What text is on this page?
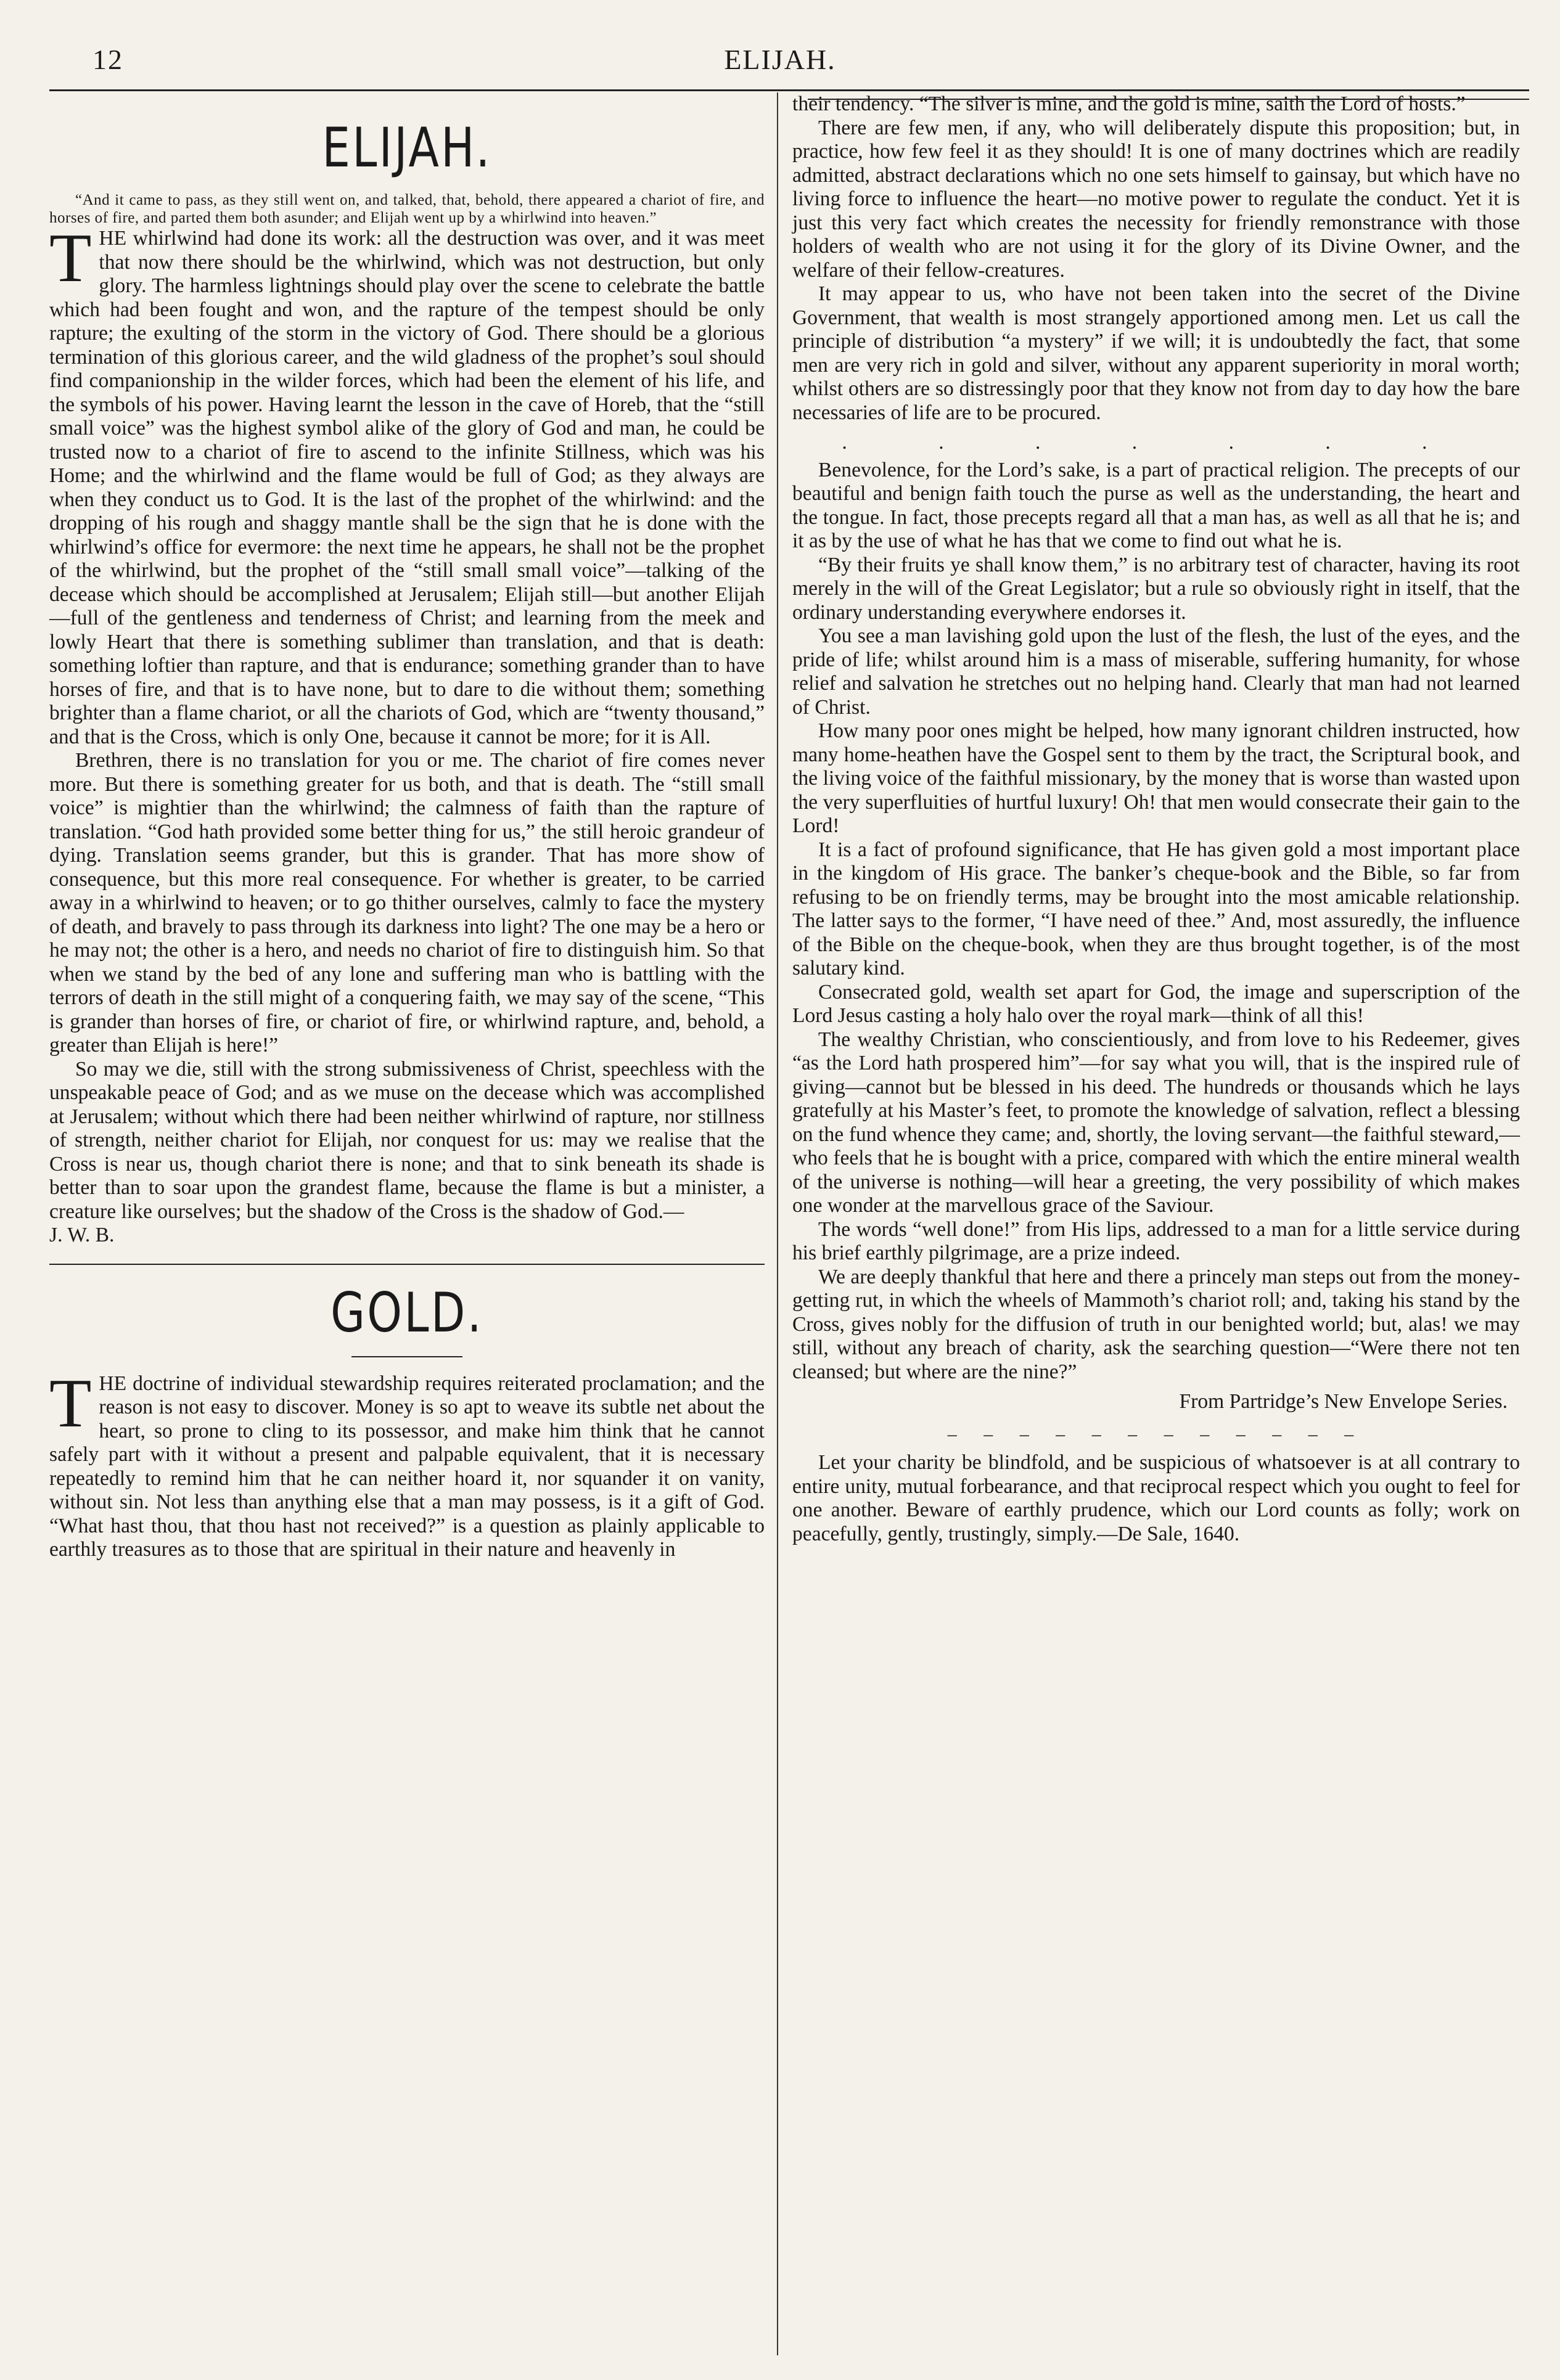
12	ELIJAH.
ELIJAH.

“And it came to pass, as they still went on, and talked, that, behold, there appeared a chariot of fire, and horses of fire, and parted them both asunder; and Elijah went up by a whirlwind into heaven.”

THE whirlwind had done its work: all the destruction was over, and it was meet that now there should be the whirlwind, which was not destruction, but only glory. The harmless lightnings should play over the scene to celebrate the battle which had been fought and won, and the rapture of the tempest should be only rapture; the exulting of the storm in the victory of God. There should be a glorious termination of this glorious career, and the wild gladness of the prophet’s soul should find companionship in the wilder forces, which had been the element of his life, and the symbols of his power. Having learnt the lesson in the cave of Horeb, that the “still small voice” was the highest symbol alike of the glory of God and man, he could be trusted now to a chariot of fire to ascend to the infinite Stillness, which was his Home; and the whirlwind and the flame would be full of God; as they always are when they conduct us to God. It is the last of the prophet of the whirlwind: and the dropping of his rough and shaggy mantle shall be the sign that he is done with the whirlwind’s office for evermore: the next time he appears, he shall not be the prophet of the whirlwind, but the prophet of the “still small small voice”—talking of the decease which should be accomplished at Jerusalem; Elijah still—but another Elijah—full of the gentleness and tenderness of Christ; and learning from the meek and lowly Heart that there is something sublimer than translation, and that is death: something loftier than rapture, and that is endurance; something grander than to have horses of fire, and that is to have none, but to dare to die without them; something brighter than a flame chariot, or all the chariots of God, which are “twenty thousand,” and that is the Cross, which is only One, because it cannot be more; for it is All.

Brethren, there is no translation for you or me. The chariot of fire comes never more. But there is something greater for us both, and that is death. The “still small voice” is mightier than the whirlwind; the calmness of faith than the rapture of translation. “God hath provided some better thing for us,” the still heroic grandeur of dying. Translation seems grander, but this is grander. That has more show of consequence, but this more real consequence. For whether is greater, to be carried away in a whirlwind to heaven; or to go thither ourselves, calmly to face the mystery of death, and bravely to pass through its darkness into light? The one may be a hero or he may not; the other is a hero, and needs no chariot of fire to distinguish him. So that when we stand by the bed of any lone and suffering man who is battling with the terrors of death in the still might of a conquering faith, we may say of the scene, “This is grander than horses of fire, or chariot of fire, or whirlwind rapture, and, behold, a greater than Elijah is here!”

So may we die, still with the strong submissiveness of Christ, speechless with the unspeakable peace of God; and as we muse on the decease which was accomplished at Jerusalem; without which there had been neither whirlwind of rapture, nor stillness of strength, neither chariot for Elijah, nor conquest for us: may we realise that the Cross is near us, though chariot there is none; and that to sink beneath its shade is better than to soar upon the grandest flame, because the flame is but a minister, a creature like ourselves; but the shadow of the Cross is the shadow of God.—

J. W. B.

GOLD.

THE doctrine of individual stewardship requires reiterated proclamation; and the reason is not easy to discover. Money is so apt to weave its subtle net about the heart, so prone to cling to its possessor, and make him think that he cannot safely part with it without a present and palpable equivalent, that it is necessary repeatedly to remind him that he can neither hoard it, nor squander it on vanity, without sin. Not less than anything else that a man may possess, is it a gift of God. “What hast thou, that thou hast not received?” is a question as plainly applicable to earthly treasures as to those that are spiritual in their nature and heavenly in

their tendency. “The silver is mine, and the gold is mine, saith the Lord of hosts.”

There are few men, if any, who will deliberately dispute this proposition; but, in practice, how few feel it as they should! It is one of many doctrines which are readily admitted, abstract declarations which no one sets himself to gainsay, but which have no living force to influence the heart—no motive power to regulate the conduct. Yet it is just this very fact which creates the necessity for friendly remonstrance with those holders of wealth who are not using it for the glory of its Divine Owner, and the welfare of their fellow-creatures.

It may appear to us, who have not been taken into the secret of the Divine Government, that wealth is most strangely apportioned among men. Let us call the principle of distribution “a mystery” if we will; it is undoubtedly the fact, that some men are very rich in gold and silver, without any apparent superiority in moral worth; whilst others are so distressingly poor that they know not from day to day how the bare necessaries of life are to be procured.

. . . . . . .

Benevolence, for the Lord’s sake, is a part of practical religion. The precepts of our beautiful and benign faith touch the purse as well as the understanding, the heart and the tongue. In fact, those precepts regard all that a man has, as well as all that he is; and it as by the use of what he has that we come to find out what he is.

“By their fruits ye shall know them,” is no arbitrary test of character, having its root merely in the will of the Great Legislator; but a rule so obviously right in itself, that the ordinary understanding everywhere endorses it.

You see a man lavishing gold upon the lust of the flesh, the lust of the eyes, and the pride of life; whilst around him is a mass of miserable, suffering humanity, for whose relief and salvation he stretches out no helping hand. Clearly that man had not learned of Christ.

How many poor ones might be helped, how many ignorant children instructed, how many home-heathen have the Gospel sent to them by the tract, the Scriptural book, and the living voice of the faithful missionary, by the money that is worse than wasted upon the very superfluities of hurtful luxury! Oh! that men would consecrate their gain to the Lord!

It is a fact of profound significance, that He has given gold a most important place in the kingdom of His grace. The banker’s cheque-book and the Bible, so far from refusing to be on friendly terms, may be brought into the most amicable relationship. The latter says to the former, “I have need of thee.” And, most assuredly, the influence of the Bible on the cheque-book, when they are thus brought together, is of the most salutary kind.

Consecrated gold, wealth set apart for God, the image and superscription of the Lord Jesus casting a holy halo over the royal mark—think of all this!

The wealthy Christian, who conscientiously, and from love to his Redeemer, gives “as the Lord hath prospered him”—for say what you will, that is the inspired rule of giving—cannot but be blessed in his deed. The hundreds or thousands which he lays gratefully at his Master’s feet, to promote the knowledge of salvation, reflect a blessing on the fund whence they came; and, shortly, the loving servant—the faithful steward,—who feels that he is bought with a price, compared with which the entire mineral wealth of the universe is nothing—will hear a greeting, the very possibility of which makes one wonder at the marvellous grace of the Saviour.

The words “well done!” from His lips, addressed to a man for a little service during his brief earthly pilgrimage, are a prize indeed.

We are deeply thankful that here and there a princely man steps out from the money-getting rut, in which the wheels of Mammoth’s chariot roll; and, taking his stand by the Cross, gives nobly for the diffusion of truth in our benighted world; but, alas! we may still, without any breach of charity, ask the searching question—“Were there not ten cleansed; but where are the nine?”

From Partridge’s New Envelope Series.

– – – – – – – – – – – –

Let your charity be blindfold, and be suspicious of whatsoever is at all contrary to entire unity, mutual forbearance, and that reciprocal respect which you ought to feel for one another. Beware of earthly prudence, which our Lord counts as folly; work on peacefully, gently, trustingly, simply.—De Sale, 1640.
